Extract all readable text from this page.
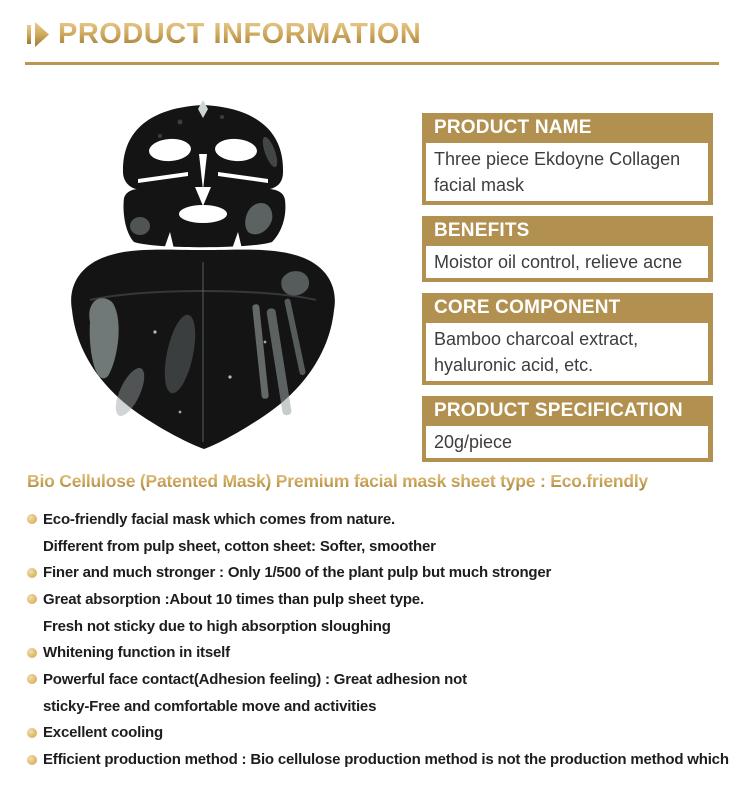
PRODUCT INFORMATION
PRODUCT NAME
Three piece Ekdoyne Collagen facial mask
BENEFITS
Moistor oil control, relieve acne
CORE COMPONENT
Bamboo charcoal extract, hyaluronic acid, etc.
PRODUCT SPECIFICATION
20g/piece
Bio Cellulose (Patented Mask) Premium facial mask sheet type : Eco.friendly
Eco-friendly facial mask which comes from nature.
Different from pulp sheet, cotton sheet: Softer, smoother
Finer and much stronger : Only 1/500 of the plant pulp but much stronger
Great absorption :About 10 times than pulp sheet type.
Fresh not sticky due to high absorption sloughing
Whitening function in itself
Powerful face contact(Adhesion feeling) : Great adhesion not
sticky-Free and comfortable move and activities
Excellent cooling
Efficient production method : Bio cellulose production method is not the production method which
